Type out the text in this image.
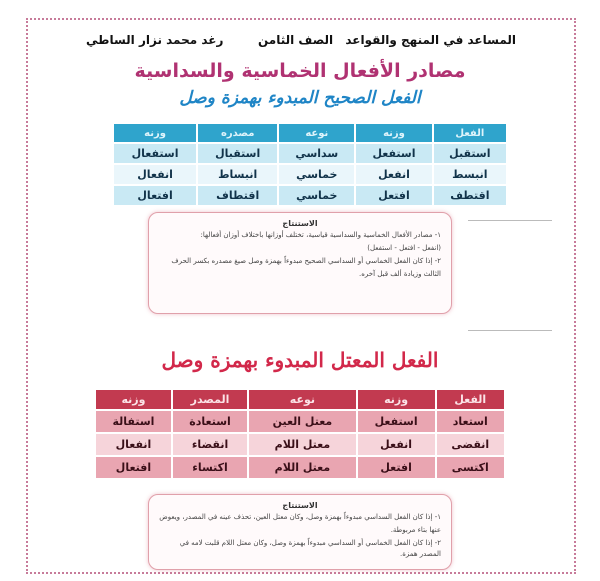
المساعد في المنهج والقواعد
الصف الثامن
رغد محمد نزار الساطي
مصادر الأفعال الخماسية والسداسية
الفعل الصحيح المبدوء بهمزة وصل
الفعل	وزنه	نوعه	مصدره	وزنه
استقبل	استفعل	سداسي	استقبال	استفعال
انبسط	انفعل	خماسي	انبساط	انفعال
اقتطف	افتعل	خماسي	اقتطاف	افتعال
الاستنتاج
١- مصادر الأفعال الخماسية والسداسية قياسية، تختلف أوزانها باختلاف أوزان أفعالها:
(انفعل - افتعل - استفعل)
٢- إذا كان الفعل الخماسي أو السداسي الصحيح مبدوءاً بهمزة وصل صيغ مصدره بكسر الحرف
الثالث وزيادة ألف قبل آخره.
الفعل المعتل المبدوء بهمزة وصل
الفعل	وزنه	نوعه	المصدر	وزنه
استعاد	استفعل	معتل العين	استعادة	استفالة
انقضى	انفعل	معتل اللام	انقضاء	انفعال
اكتسى	افتعل	معتل اللام	اكتساء	افتعال
الاستنتاج
١- إذا كان الفعل السداسي مبدوءاً بهمزة وصل، وكان معتل العين، تحذف عينه في المصدر، ويعوض
عنها بتاء مربوطة.
٢- إذا كان الفعل الخماسي أو السداسي مبدوءاً بهمزة وصل، وكان معتل اللام قلبت لامه في المصدر همزة.
